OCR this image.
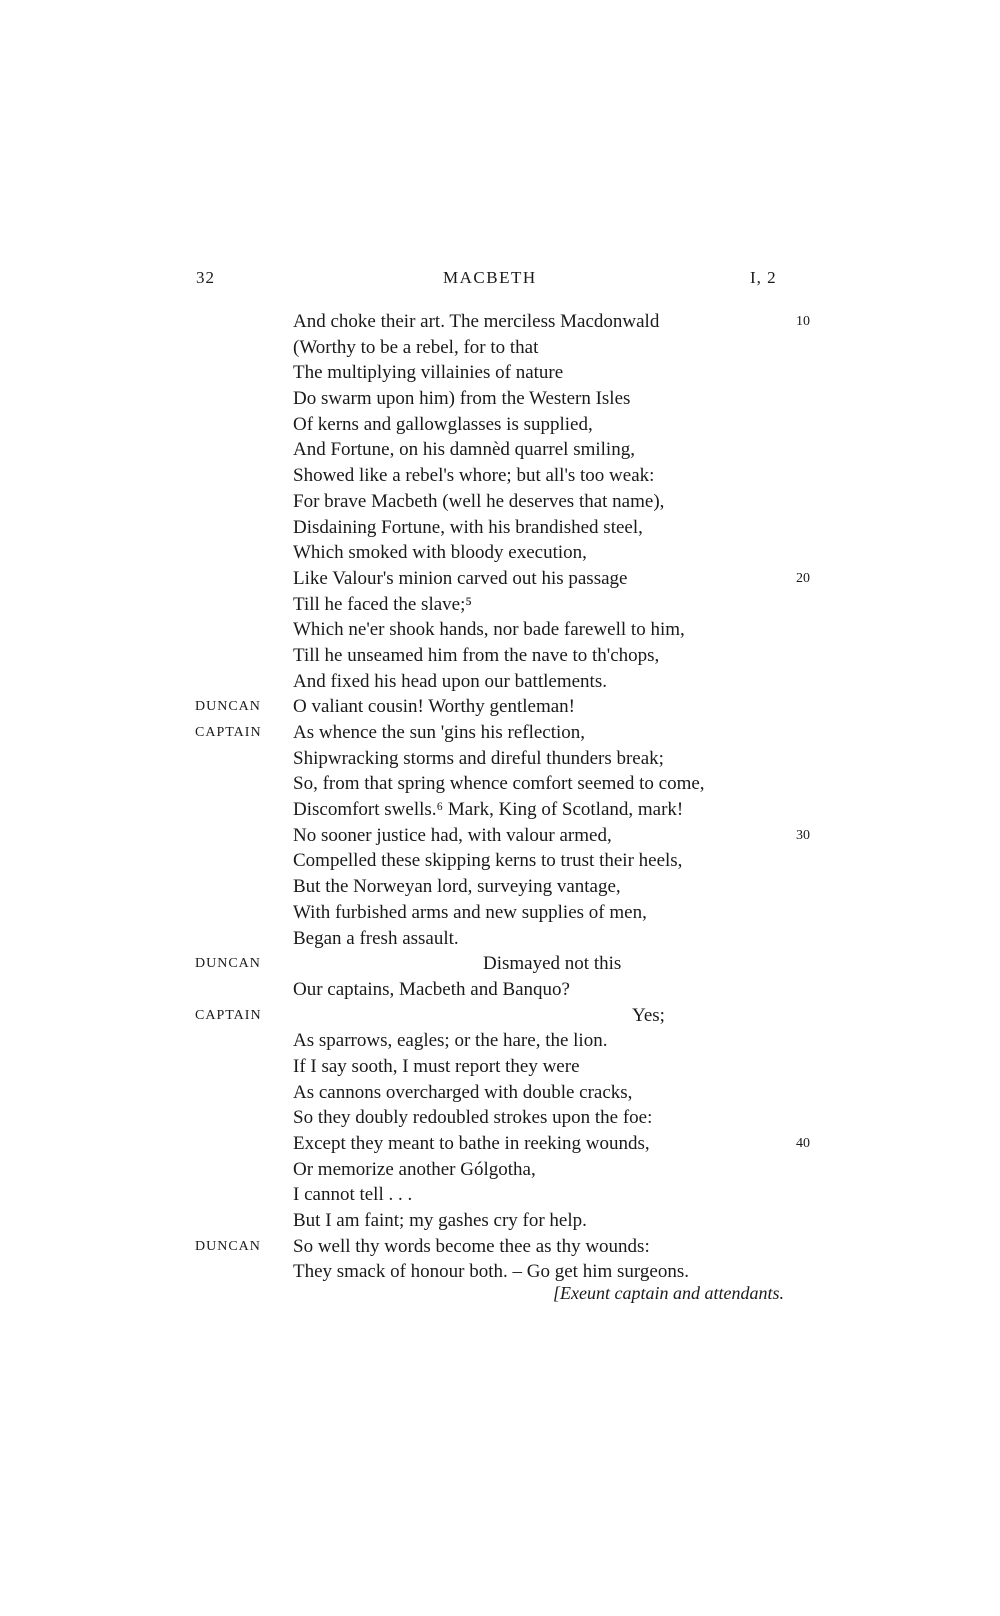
32	MACBETH	I, 2
And choke their art. The merciless Macdonwald	10
(Worthy to be a rebel, for to that
The multiplying villainies of nature
Do swarm upon him) from the Western Isles
Of kerns and gallowglasses is supplied,
And Fortune, on his damnèd quarrel smiling,
Showed like a rebel's whore; but all's too weak:
For brave Macbeth (well he deserves that name),
Disdaining Fortune, with his brandished steel,
Which smoked with bloody execution,
Like Valour's minion carved out his passage	20
Till he faced the slave;⁵
Which ne'er shook hands, nor bade farewell to him,
Till he unseamed him from the nave to th'chops,
And fixed his head upon our battlements.
DUNCAN O valiant cousin! Worthy gentleman!
CAPTAIN As whence the sun 'gins his reflection,
Shipwracking storms and direful thunders break;
So, from that spring whence comfort seemed to come,
Discomfort swells.⁶ Mark, King of Scotland, mark!
No sooner justice had, with valour armed,	30
Compelled these skipping kerns to trust their heels,
But the Norweyan lord, surveying vantage,
With furbished arms and new supplies of men,
Began a fresh assault.
DUNCAN	Dismayed not this
Our captains, Macbeth and Banquo?
CAPTAIN	Yes;
As sparrows, eagles; or the hare, the lion.
If I say sooth, I must report they were
As cannons overcharged with double cracks,
So they doubly redoubled strokes upon the foe:
Except they meant to bathe in reeking wounds,	40
Or memorize another Gólgotha,
I cannot tell . . .
But I am faint; my gashes cry for help.
DUNCAN So well thy words become thee as thy wounds:
They smack of honour both. – Go get him surgeons.
[Exeunt captain and attendants.
